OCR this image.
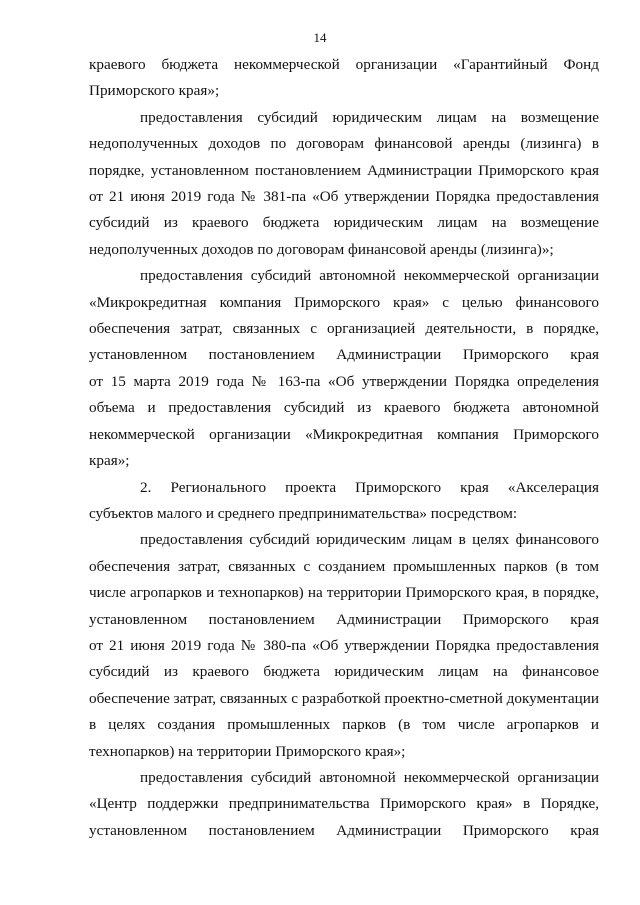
14
краевого бюджета некоммерческой организации «Гарантийный Фонд
Приморского края»;
предоставления субсидий юридическим лицам на возмещение
недополученных доходов по договорам финансовой аренды (лизинга) в
порядке, установленном постановлением Администрации Приморского края
от 21 июня 2019 года № 381-па «Об утверждении Порядка предоставления
субсидий из краевого бюджета юридическим лицам на возмещение
недополученных доходов по договорам финансовой аренды (лизинга)»;
предоставления субсидий автономной некоммерческой организации
«Микрокредитная компания Приморского края» с целью финансового
обеспечения затрат, связанных с организацией деятельности, в порядке,
установленном постановлением Администрации Приморского края
от 15 марта 2019 года № 163-па «Об утверждении Порядка определения
объема и предоставления субсидий из краевого бюджета автономной
некоммерческой организации «Микрокредитная компания Приморского
края»;
2. Регионального проекта Приморского края «Акселерация
субъектов малого и среднего предпринимательства» посредством:
предоставления субсидий юридическим лицам в целях финансового
обеспечения затрат, связанных с созданием промышленных парков (в том
числе агропарков и технопарков) на территории Приморского края, в порядке,
установленном постановлением Администрации Приморского края
от 21 июня 2019 года № 380-па «Об утверждении Порядка предоставления
субсидий из краевого бюджета юридическим лицам на финансовое
обеспечение затрат, связанных с разработкой проектно-сметной документации
в целях создания промышленных парков (в том числе агропарков и
технопарков) на территории Приморского края»;
предоставления субсидий автономной некоммерческой организации
«Центр поддержки предпринимательства Приморского края» в Порядке,
установленном постановлением Администрации Приморского края
